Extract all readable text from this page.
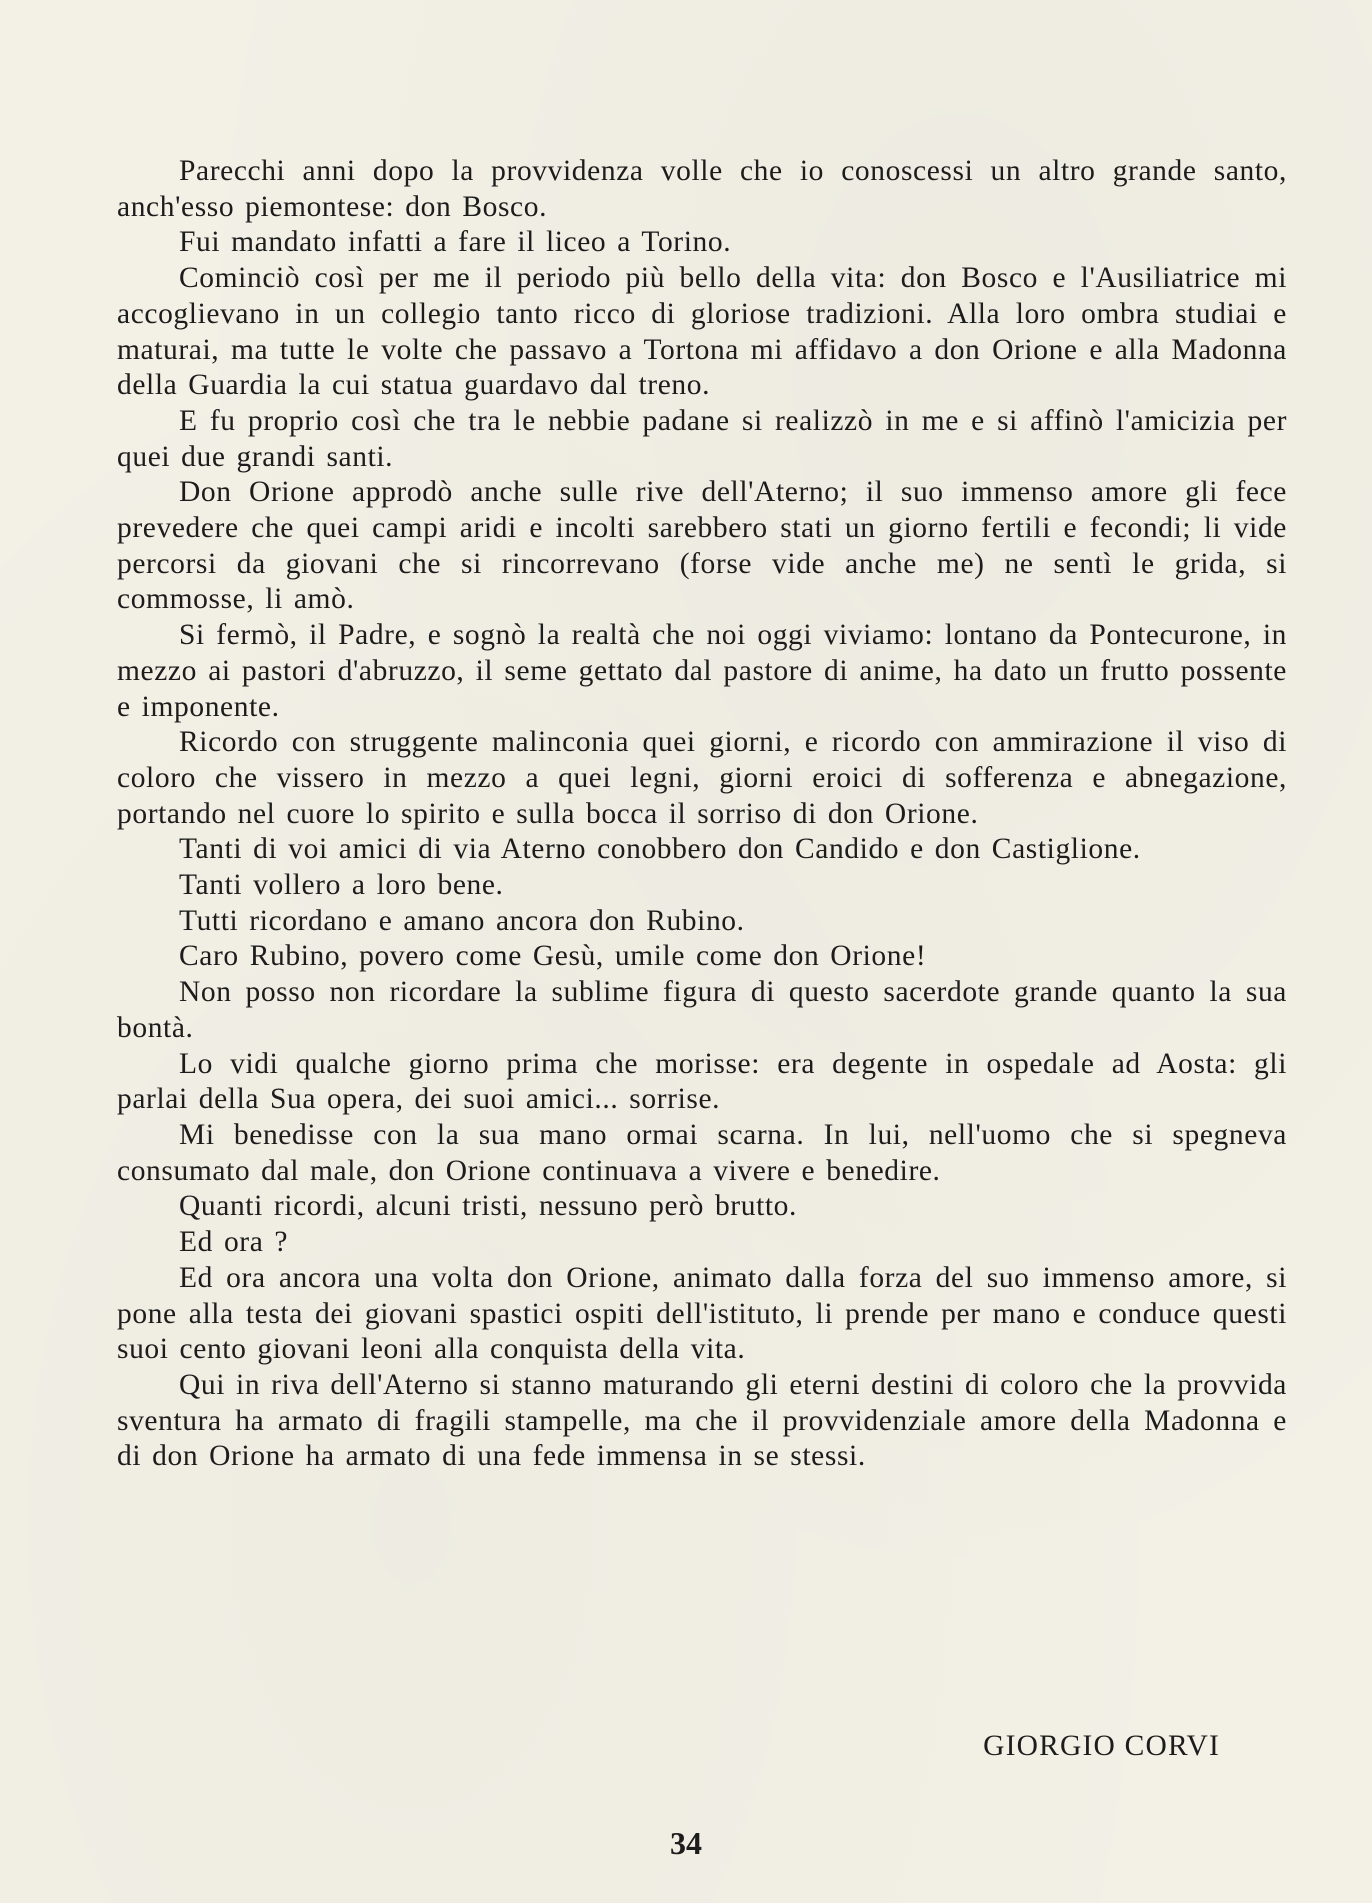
Parecchi anni dopo la provvidenza volle che io conoscessi un altro grande santo, anch'esso piemontese: don Bosco.

Fui mandato infatti a fare il liceo a Torino.

Cominciò così per me il periodo più bello della vita: don Bosco e l'Ausiliatrice mi accoglievano in un collegio tanto ricco di gloriose tradizioni. Alla loro ombra studiai e maturai, ma tutte le volte che passavo a Tortona mi affidavo a don Orione e alla Madonna della Guardia la cui statua guardavo dal treno.

E fu proprio così che tra le nebbie padane si realizzò in me e si affinò l'amicizia per quei due grandi santi.

Don Orione approdò anche sulle rive dell'Aterno; il suo immenso amore gli fece prevedere che quei campi aridi e incolti sarebbero stati un giorno fertili e fecondi; li vide percorsi da giovani che si rincorrevano (forse vide anche me) ne sentì le grida, si commosse, li amò.

Si fermò, il Padre, e sognò la realtà che noi oggi viviamo: lontano da Pontecurone, in mezzo ai pastori d'abruzzo, il seme gettato dal pastore di anime, ha dato un frutto possente e imponente.

Ricordo con struggente malinconia quei giorni, e ricordo con ammirazione il viso di coloro che vissero in mezzo a quei legni, giorni eroici di sofferenza e abnegazione, portando nel cuore lo spirito e sulla bocca il sorriso di don Orione.

Tanti di voi amici di via Aterno conobbero don Candido e don Castiglione.

Tanti vollero a loro bene.

Tutti ricordano e amano ancora don Rubino.

Caro Rubino, povero come Gesù, umile come don Orione!

Non posso non ricordare la sublime figura di questo sacerdote grande quanto la sua bontà.

Lo vidi qualche giorno prima che morisse: era degente in ospedale ad Aosta: gli parlai della Sua opera, dei suoi amici... sorrise.

Mi benedisse con la sua mano ormai scarna. In lui, nell'uomo che si spegneva consumato dal male, don Orione continuava a vivere e benedire.

Quanti ricordi, alcuni tristi, nessuno però brutto.

Ed ora ?

Ed ora ancora una volta don Orione, animato dalla forza del suo immenso amore, si pone alla testa dei giovani spastici ospiti dell'istituto, li prende per mano e conduce questi suoi cento giovani leoni alla conquista della vita.

Qui in riva dell'Aterno si stanno maturando gli eterni destini di coloro che la provvida sventura ha armato di fragili stampelle, ma che il provvidenziale amore della Madonna e di don Orione ha armato di una fede immensa in se stessi.

GIORGIO CORVI
34
